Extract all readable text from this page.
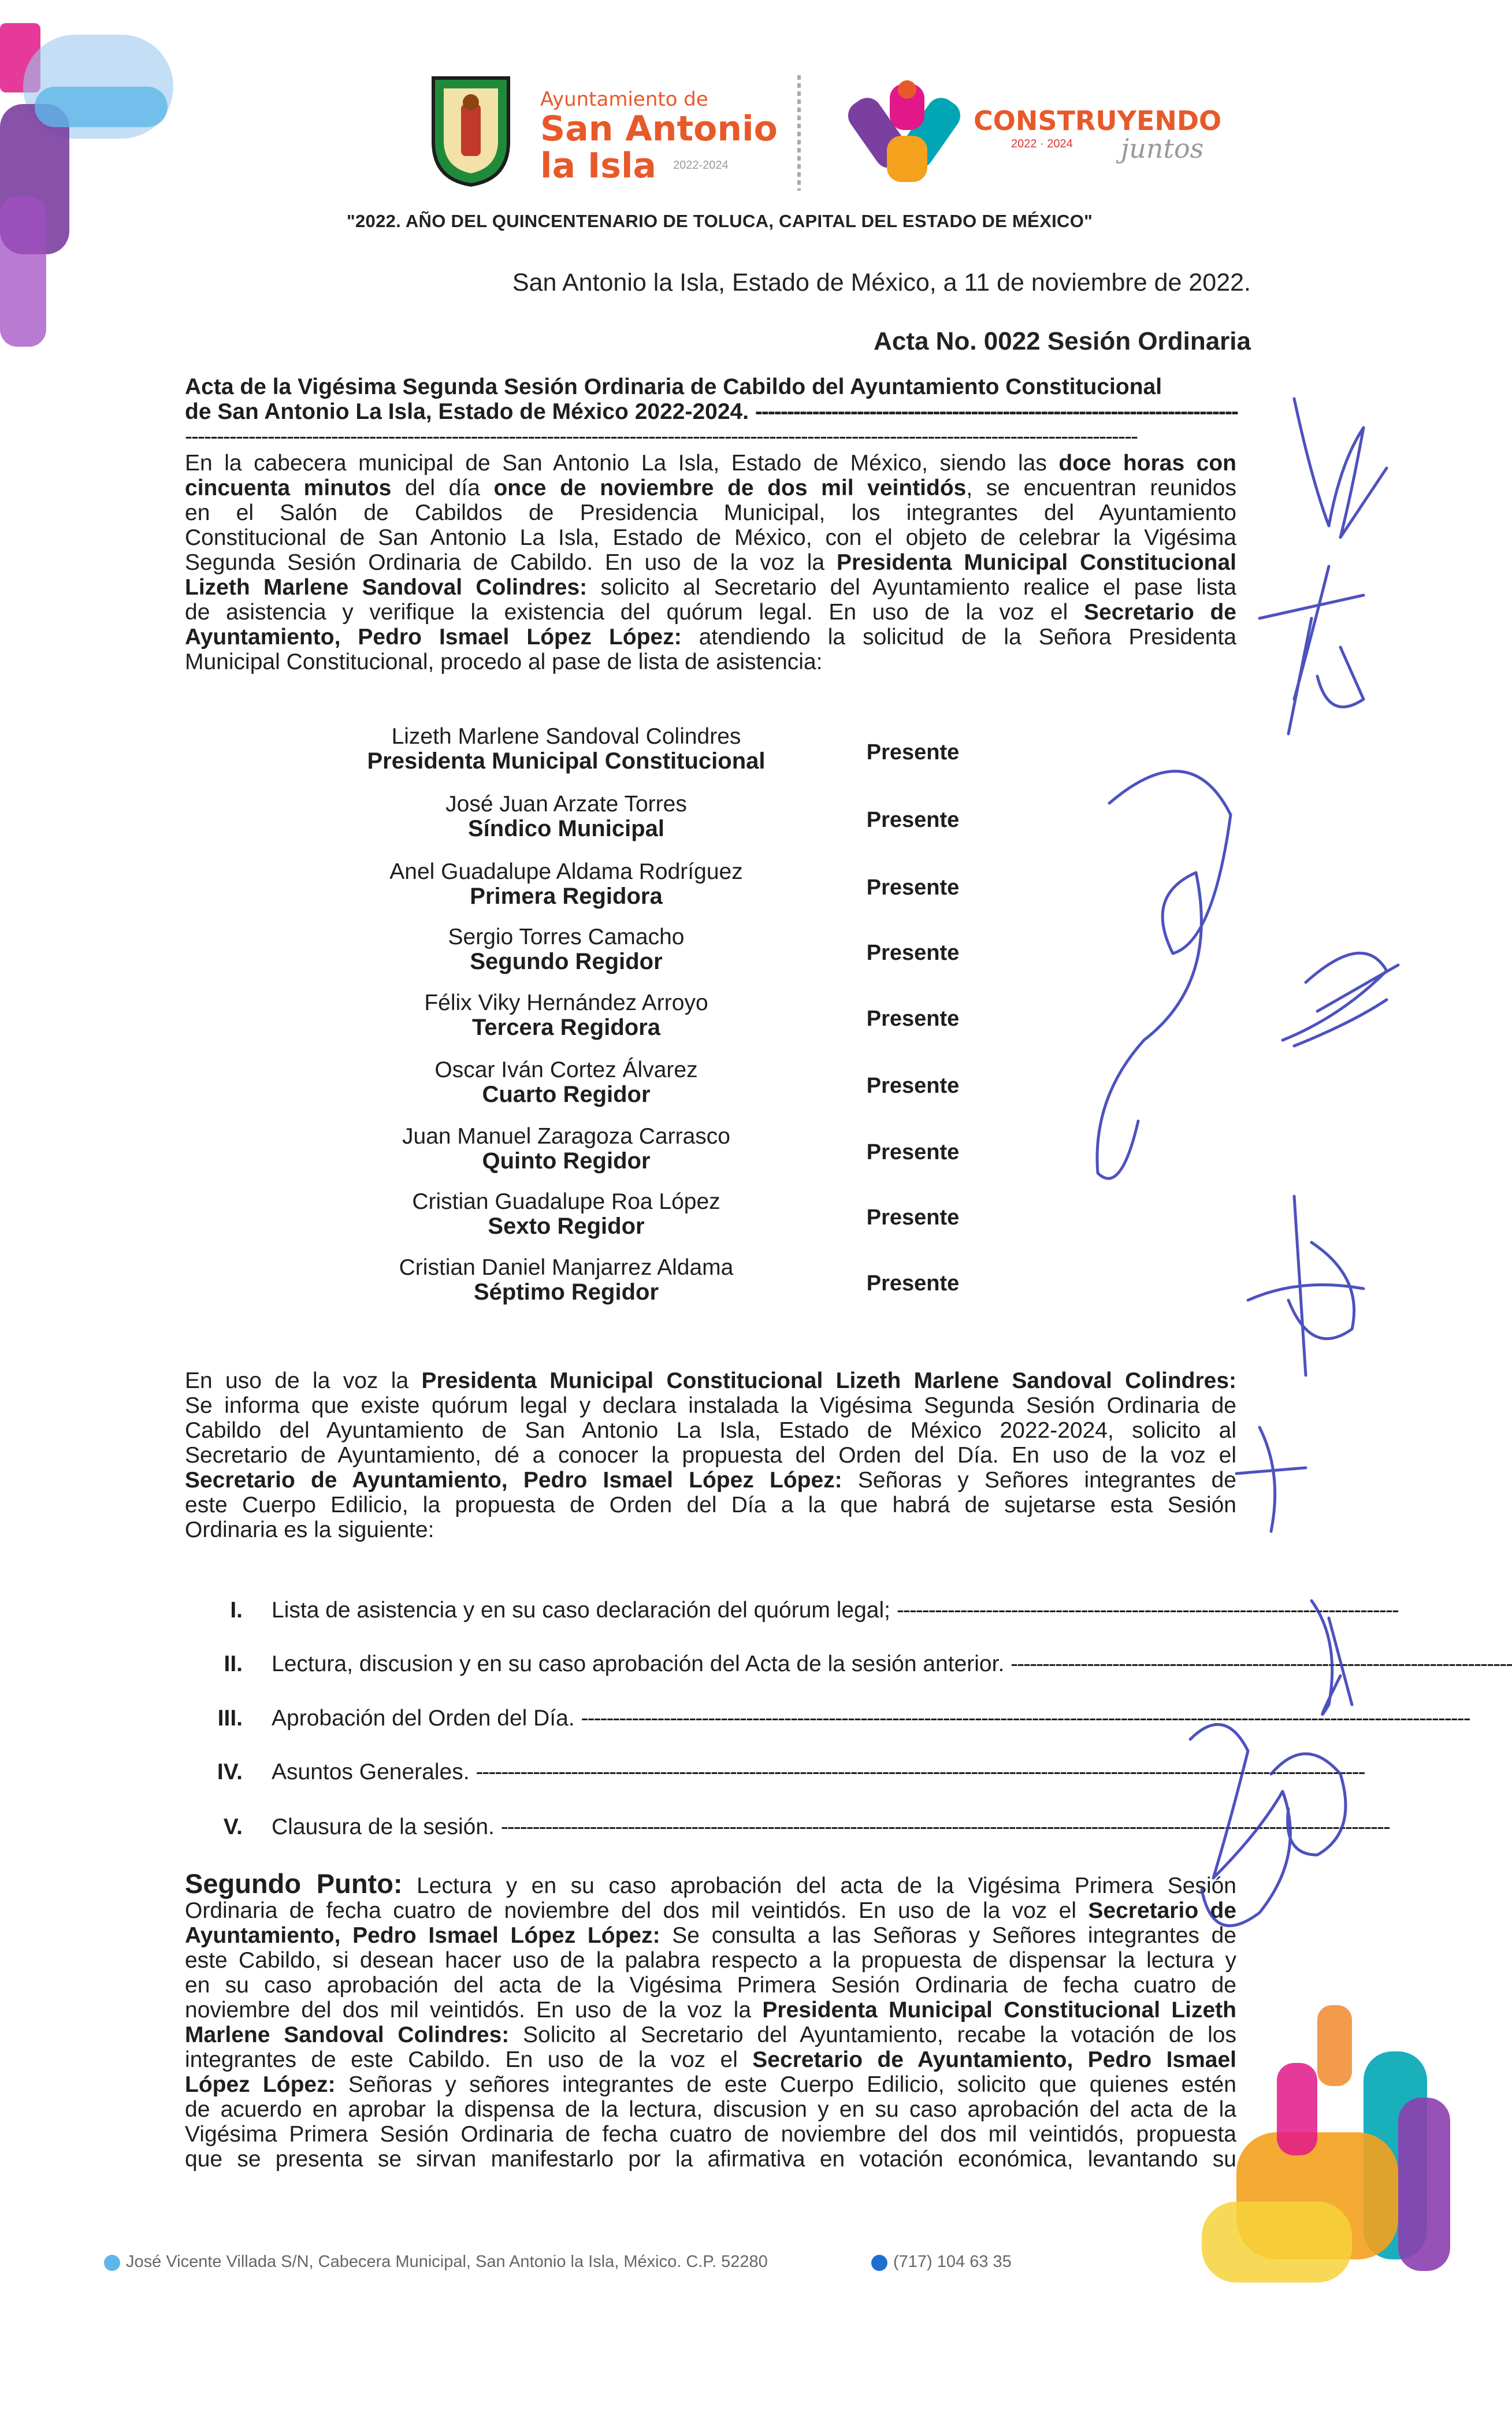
Ayuntamiento de
San Antonio
la Isla 2022-2024
CONSTRUYENDO
2022 · 2024 juntos
"2022. AÑO DEL QUINCENTENARIO DE TOLUCA, CAPITAL DEL ESTADO DE MÉXICO"
San Antonio la Isla, Estado de México, a 11 de noviembre de 2022.
Acta No. 0022 Sesión Ordinaria
Acta de la Vigésima Segunda Sesión Ordinaria de Cabildo del Ayuntamiento Constitucional
de San Antonio La Isla, Estado de México 2022-2024. ----------------------------------------------------------------------------
------------------------------------------------------------------------------------------------------------------------------------------------------
En la cabecera municipal de San Antonio La Isla, Estado de México, siendo las doce horas con
cincuenta minutos del día once de noviembre de dos mil veintidós, se encuentran reunidos
en el Salón de Cabildos de Presidencia Municipal, los integrantes del Ayuntamiento
Constitucional de San Antonio La Isla, Estado de México, con el objeto de celebrar la Vigésima
Segunda Sesión Ordinaria de Cabildo. En uso de la voz la Presidenta Municipal Constitucional
Lizeth Marlene Sandoval Colindres: solicito al Secretario del Ayuntamiento realice el pase lista
de asistencia y verifique la existencia del quórum legal. En uso de la voz el Secretario de
Ayuntamiento, Pedro Ismael López López: atendiendo la solicitud de la Señora Presidenta
Municipal Constitucional, procedo al pase de lista de asistencia:
Lizeth Marlene Sandoval Colindres
Presidenta Municipal Constitucional	Presente
José Juan Arzate Torres
Síndico Municipal	Presente
Anel Guadalupe Aldama Rodríguez
Primera Regidora	Presente
Sergio Torres Camacho
Segundo Regidor	Presente
Félix Viky Hernández Arroyo
Tercera Regidora	Presente
Oscar Iván Cortez Álvarez
Cuarto Regidor	Presente
Juan Manuel Zaragoza Carrasco
Quinto Regidor	Presente
Cristian Guadalupe Roa López
Sexto Regidor	Presente
Cristian Daniel Manjarrez Aldama
Séptimo Regidor	Presente
En uso de la voz la Presidenta Municipal Constitucional Lizeth Marlene Sandoval Colindres:
Se informa que existe quórum legal y declara instalada la Vigésima Segunda Sesión Ordinaria de
Cabildo del Ayuntamiento de San Antonio La Isla, Estado de México 2022-2024, solicito al
Secretario de Ayuntamiento, dé a conocer la propuesta del Orden del Día. En uso de la voz el
Secretario de Ayuntamiento, Pedro Ismael López López: Señoras y Señores integrantes de
este Cuerpo Edilicio, la propuesta de Orden del Día a la que habrá de sujetarse esta Sesión
Ordinaria es la siguiente:
I. Lista de asistencia y en su caso declaración del quórum legal; -------------------------------------------------------------------------------
II. Lectura, discusion y en su caso aprobación del Acta de la sesión anterior. -------------------------------------------------------------------------------
III. Aprobación del Orden del Día. --------------------------------------------------------------------------------------------------------------------------------------------
IV. Asuntos Generales. --------------------------------------------------------------------------------------------------------------------------------------------
V. Clausura de la sesión. --------------------------------------------------------------------------------------------------------------------------------------------
Segundo Punto: Lectura y en su caso aprobación del acta de la Vigésima Primera Sesión
Ordinaria de fecha cuatro de noviembre del dos mil veintidós. En uso de la voz el Secretario de
Ayuntamiento, Pedro Ismael López López: Se consulta a las Señoras y Señores integrantes de
este Cabildo, si desean hacer uso de la palabra respecto a la propuesta de dispensar la lectura y
en su caso aprobación del acta de la Vigésima Primera Sesión Ordinaria de fecha cuatro de
noviembre del dos mil veintidós. En uso de la voz la Presidenta Municipal Constitucional Lizeth
Marlene Sandoval Colindres: Solicito al Secretario del Ayuntamiento, recabe la votación de los
integrantes de este Cabildo. En uso de la voz el Secretario de Ayuntamiento, Pedro Ismael
López López: Señoras y señores integrantes de este Cuerpo Edilicio, solicito que quienes estén
de acuerdo en aprobar la dispensa de la lectura, discusion y en su caso aprobación del acta de la
Vigésima Primera Sesión Ordinaria de fecha cuatro de noviembre del dos mil veintidós, propuesta
que se presenta se sirvan manifestarlo por la afirmativa en votación económica, levantando su
José Vicente Villada S/N, Cabecera Municipal, San Antonio la Isla, México. C.P. 52280	(717) 104 63 35
